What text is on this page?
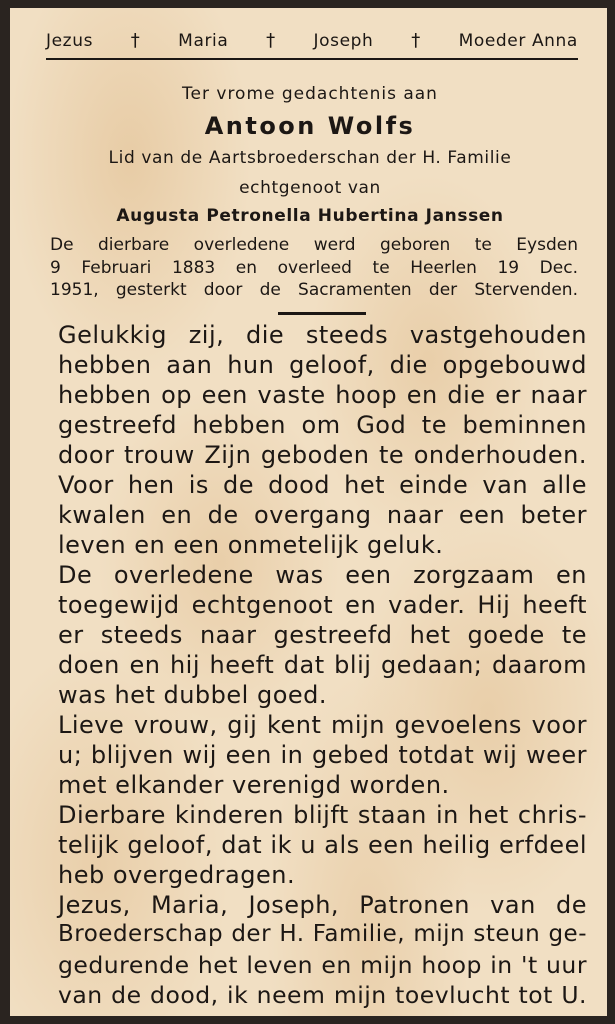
Jezus † Maria † Joseph † Moeder Anna
Ter vrome gedachtenis aan
Antoon Wolfs
Lid van de Aartsbroederschan der H. Familie
echtgenoot van
Augusta Petronella Hubertina Janssen
De dierbare overledene werd geboren te Eysden
9 Februari 1883 en overleed te Heerlen 19 Dec.
1951, gesterkt door de Sacramenten der Stervenden.
Gelukkig zij, die steeds vastgehouden
hebben aan hun geloof, die opgebouwd
hebben op een vaste hoop en die er naar
gestreefd hebben om God te beminnen
door trouw Zijn geboden te onderhouden.
Voor hen is de dood het einde van alle
kwalen en de overgang naar een beter
leven en een onmetelijk geluk.
De overledene was een zorgzaam en
toegewijd echtgenoot en vader. Hij heeft
er steeds naar gestreefd het goede te
doen en hij heeft dat blij gedaan; daarom
was het dubbel goed.
Lieve vrouw, gij kent mijn gevoelens voor
u; blijven wij een in gebed totdat wij weer
met elkander verenigd worden.
Dierbare kinderen blijft staan in het chris-
telijk geloof, dat ik u als een heilig erfdeel
heb overgedragen.
Jezus, Maria, Joseph, Patronen van de
Broederschap der H. Familie, mijn steun ge-
gedurende het leven en mijn hoop in 't uur
van de dood, ik neem mijn toevlucht tot U.
